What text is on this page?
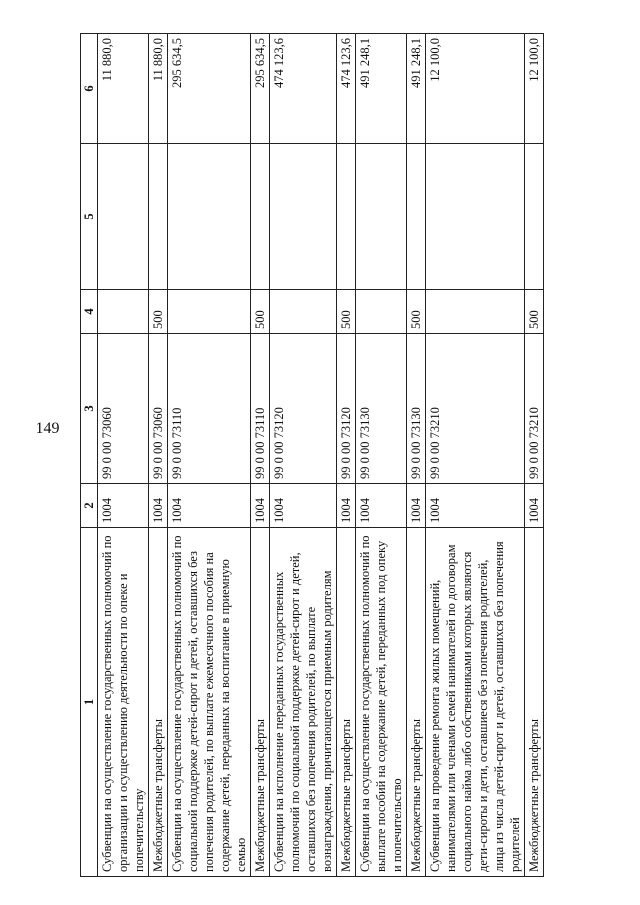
149
1	2	3	4	5	6
Субвенции на осуществление государственных полномочий по организации и осуществлению деятельности по опеке и попечительству	1004	99 0 00 73060			11 880,0
Межбюджетные трансферты	1004	99 0 00 73060	500		11 880,0
Субвенции на осуществление государственных полномочий по социальной поддержке детей-сирот и детей, оставшихся без попечения родителей, по выплате ежемесячного пособия на содержание детей, переданных на воспитание в приемную семью	1004	99 0 00 73110			295 634,5
Межбюджетные трансферты	1004	99 0 00 73110	500		295 634,5
Субвенции на исполнение переданных государственных полномочий по социальной поддержке детей-сирот и детей, оставшихся без попечения родителей, по выплате вознаграждения, причитающегося приемным родителям	1004	99 0 00 73120			474 123,6
Межбюджетные трансферты	1004	99 0 00 73120	500		474 123,6
Субвенции на осуществление государственных полномочий по выплате пособий на содержание детей, переданных под опеку и попечительство	1004	99 0 00 73130			491 248,1
Межбюджетные трансферты	1004	99 0 00 73130	500		491 248,1
Субвенции на проведение ремонта жилых помещений, нанимателями или членами семей нанимателей по договорам социального найма либо собственниками которых являются дети-сироты и дети, оставшиеся без попечения родителей, лица из числа детей-сирот и детей, оставшихся без попечения родителей	1004	99 0 00 73210			12 100,0
Межбюджетные трансферты	1004	99 0 00 73210	500		12 100,0
